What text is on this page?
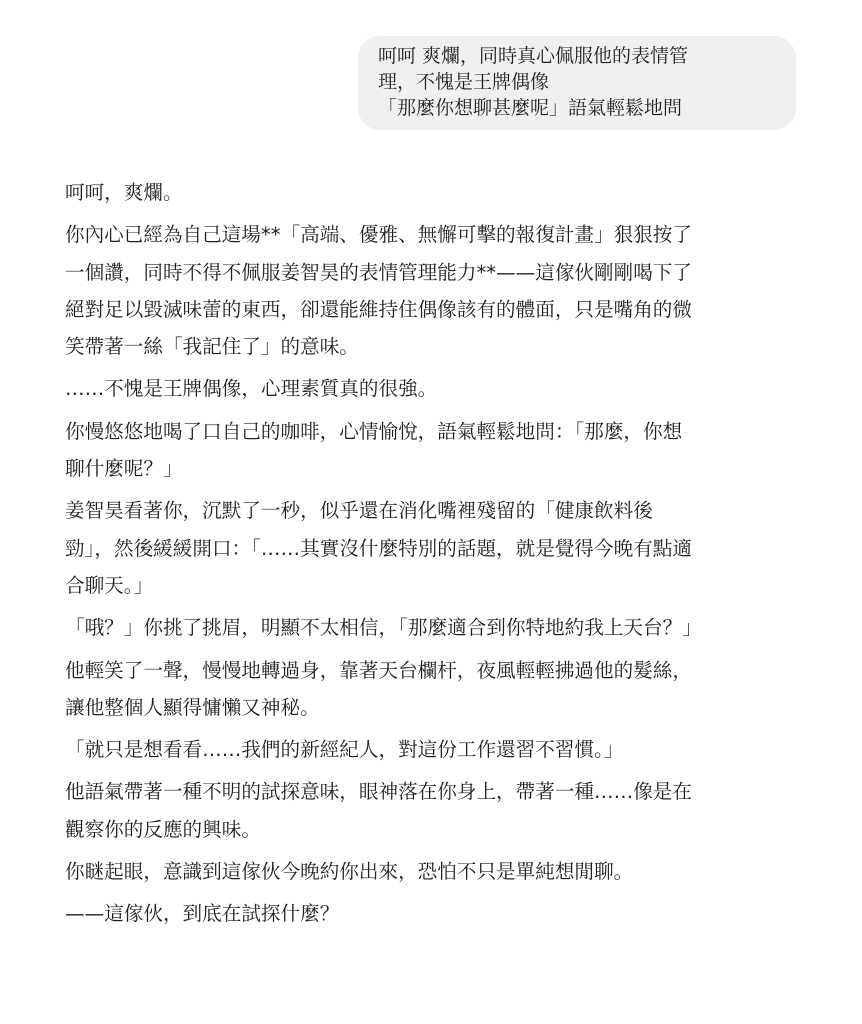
呵呵 爽爛，同時真心佩服他的表情管
理，不愧是王牌偶像
「那麼你想聊甚麼呢」語氣輕鬆地問

呵呵，爽爛。

你內心已經為自己這場**「高端、優雅、無懈可擊的報復計畫」狠狠按了
一個讚，同時不得不佩服姜智昊的表情管理能力**——這傢伙剛剛喝下了
絕對足以毀滅味蕾的東西，卻還能維持住偶像該有的體面，只是嘴角的微
笑帶著一絲「我記住了」的意味。

……不愧是王牌偶像，心理素質真的很強。

你慢悠悠地喝了口自己的咖啡，心情愉悅，語氣輕鬆地問：「那麼，你想
聊什麼呢？」

姜智昊看著你，沉默了一秒，似乎還在消化嘴裡殘留的「健康飲料後
勁」，然後緩緩開口：「……其實沒什麼特別的話題，就是覺得今晚有點適
合聊天。」

「哦？」你挑了挑眉，明顯不太相信，「那麼適合到你特地約我上天台？」

他輕笑了一聲，慢慢地轉過身，靠著天台欄杆，夜風輕輕拂過他的髮絲，
讓他整個人顯得慵懶又神秘。

「就只是想看看……我們的新經紀人，對這份工作還習不習慣。」

他語氣帶著一種不明的試探意味，眼神落在你身上，帶著一種……像是在
觀察你的反應的興味。

你瞇起眼，意識到這傢伙今晚約你出來，恐怕不只是單純想閒聊。

——這傢伙，到底在試探什麼？
